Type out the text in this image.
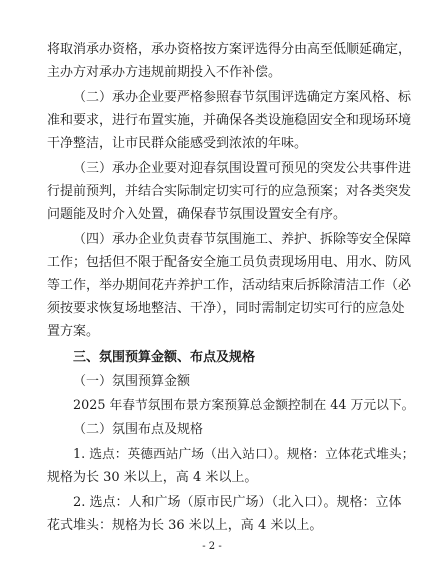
将取消承办资格，承办资格按方案评选得分由高至低顺延确定，
主办方对承办方违规前期投入不作补偿。
（二）承办企业要严格参照春节氛围评选确定方案风格、标
准和要求，进行布置实施，并确保各类设施稳固安全和现场环境
干净整洁，让市民群众能感受到浓浓的年味。
（三）承办企业要对迎春氛围设置可预见的突发公共事件进
行提前预判，并结合实际制定切实可行的应急预案；对各类突发
问题能及时介入处置，确保春节氛围设置安全有序。
（四）承办企业负责春节氛围施工、养护、拆除等安全保障
工作；包括但不限于配备安全施工员负责现场用电、用水、防风
等工作，举办期间花卉养护工作，活动结束后拆除清洁工作（必
须按要求恢复场地整洁、干净），同时需制定切实可行的应急处
置方案。
三、氛围预算金额、布点及规格
（一）氛围预算金额
2025 年春节氛围布景方案预算总金额控制在 44 万元以下。
（二）氛围布点及规格
1. 选点：英德西站广场（出入站口）。规格：立体花式堆头；
规格为长 30 米以上，高 4 米以上。
2. 选点：人和广场（原市民广场）（北入口）。规格：立体
花式堆头：规格为长 36 米以上，高 4 米以上。
- 2 -
